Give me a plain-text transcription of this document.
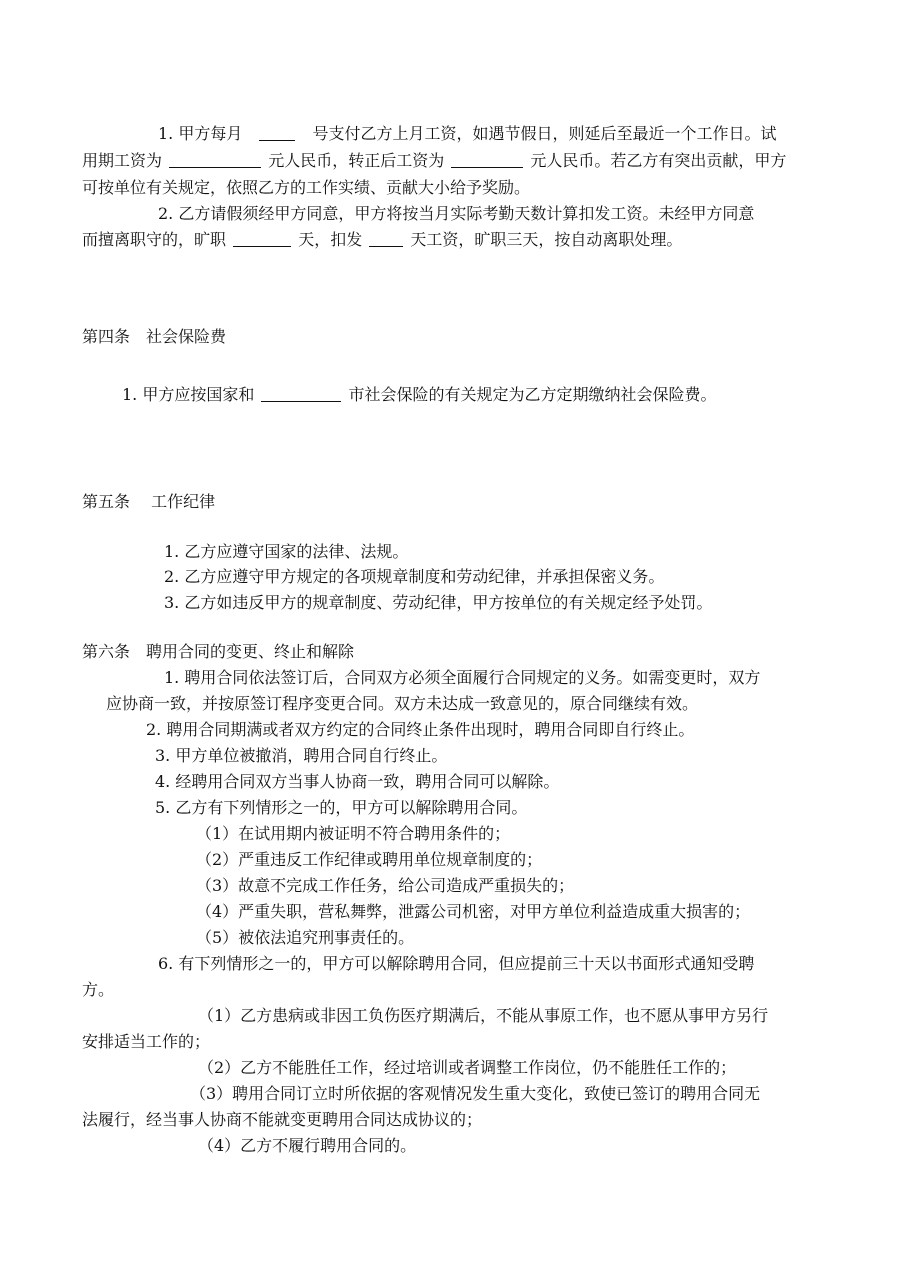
1. 甲方每月	号支付乙方上月工资，如遇节假日，则延后至最近一个工作日。试
用期工资为	元人民币，转正后工资为	元人民币。若乙方有突出贡献，甲方
可按单位有关规定，依照乙方的工作实绩、贡献大小给予奖励。
2. 乙方请假须经甲方同意，甲方将按当月实际考勤天数计算扣发工资。未经甲方同意
而擅离职守的，旷职	天，扣发	天工资，旷职三天，按自动离职处理。
第四条　社会保险费
1. 甲方应按国家和	市社会保险的有关规定为乙方定期缴纳社会保险费。
第五条　 工作纪律
1. 乙方应遵守国家的法律、法规。
2. 乙方应遵守甲方规定的各项规章制度和劳动纪律，并承担保密义务。
3. 乙方如违反甲方的规章制度、劳动纪律，甲方按单位的有关规定经予处罚。
第六条　聘用合同的变更、终止和解除
1. 聘用合同依法签订后，合同双方必须全面履行合同规定的义务。如需变更时，双方
应协商一致，并按原签订程序变更合同。双方未达成一致意见的，原合同继续有效。
2. 聘用合同期满或者双方约定的合同终止条件出现时，聘用合同即自行终止。
3. 甲方单位被撤消，聘用合同自行终止。
4. 经聘用合同双方当事人协商一致，聘用合同可以解除。
5. 乙方有下列情形之一的，甲方可以解除聘用合同。
（1）在试用期内被证明不符合聘用条件的；
（2）严重违反工作纪律或聘用单位规章制度的；
（3）故意不完成工作任务，给公司造成严重损失的；
（4）严重失职，营私舞弊，泄露公司机密，对甲方单位利益造成重大损害的；
（5）被依法追究刑事责任的。
6. 有下列情形之一的，甲方可以解除聘用合同，但应提前三十天以书面形式通知受聘
方。
（1）乙方患病或非因工负伤医疗期满后，不能从事原工作，也不愿从事甲方另行
安排适当工作的；
（2）乙方不能胜任工作，经过培训或者调整工作岗位，仍不能胜任工作的；
（3）聘用合同订立时所依据的客观情况发生重大变化，致使已签订的聘用合同无
法履行，经当事人协商不能就变更聘用合同达成协议的；
（4）乙方不履行聘用合同的。
